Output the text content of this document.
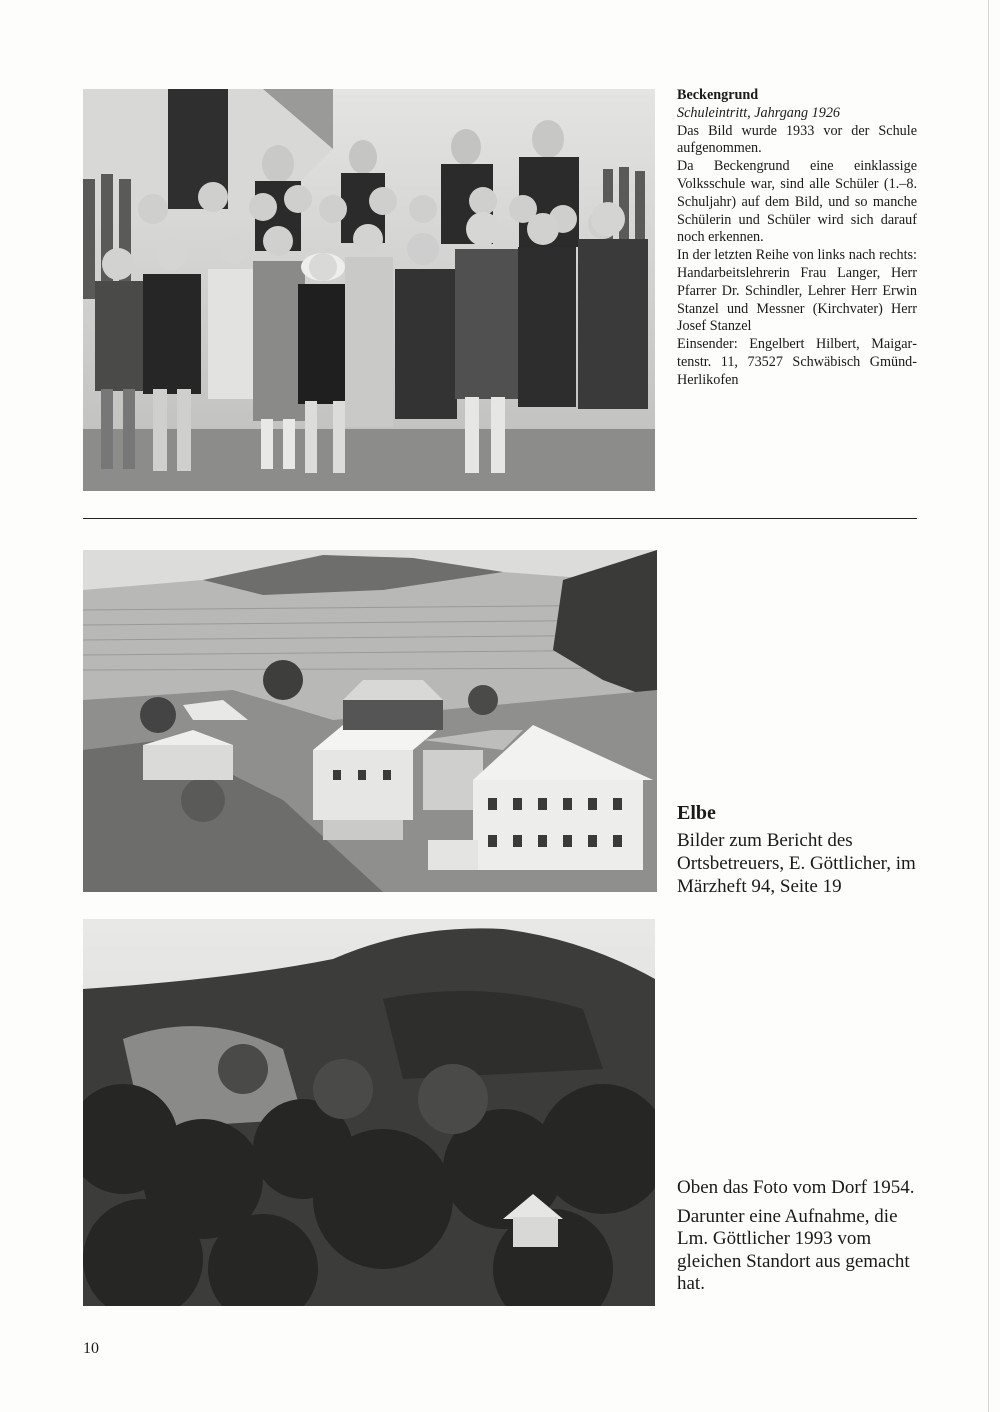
Beckengrund

Schuleintritt, Jahrgang 1926

Das Bild wurde 1933 vor der Schule aufgenommen.

Da Beckengrund eine einklassige Volksschule war, sind alle Schüler (1.–8. Schuljahr) auf dem Bild, und so manche Schülerin und Schüler wird sich darauf noch erkennen.

In der letzten Reihe von links nach rechts: Handarbeitslehrerin Frau Langer, Herr Pfarrer Dr. Schindler, Lehrer Herr Erwin Stanzel und Messner (Kirchvater) Herr Josef Stanzel

Einsender: Engelbert Hilbert, Maigartenstr. 11, 73527 Schwäbisch Gmünd-Herlikofen

Elbe

Bilder zum Bericht des Ortsbetreuers, E. Göttlicher, im Märzheft 94, Seite 19

Oben das Foto vom Dorf 1954.

Darunter eine Aufnahme, die Lm. Göttlicher 1993 vom gleichen Standort aus gemacht hat.

10
